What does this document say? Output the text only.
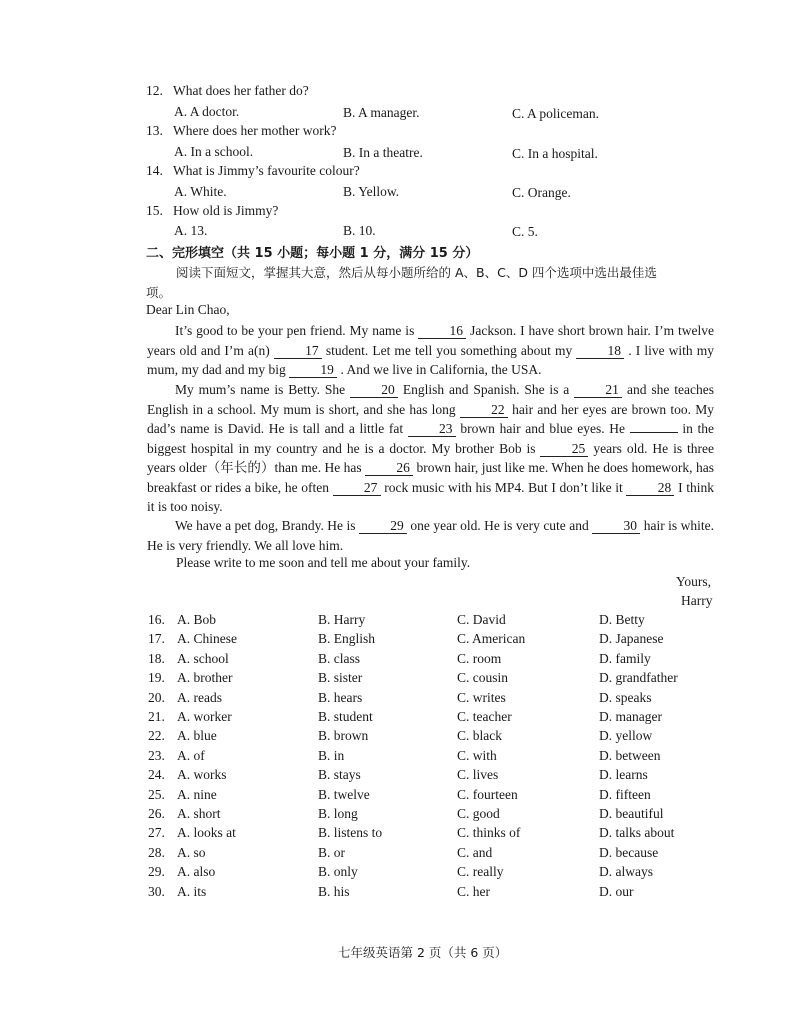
12. What does her father do?
A. A doctor.	B. A manager.	C. A policeman.
13. Where does her mother work?
A. In a school.	B. In a theatre.	C. In a hospital.
14. What is Jimmy’s favourite colour?
A. White.	B. Yellow.	C. Orange.
15. How old is Jimmy?
A. 13.	B. 10.	C. 5.
二、完形填空（共 15 小题；每小题 1 分，满分 15 分）
阅读下面短文，掌握其大意，然后从每小题所给的 A、B、C、D 四个选项中选出最佳选
项。
Dear Lin Chao,
It’s good to be your pen friend. My name is 16 Jackson. I have short brown hair. I’m twelve years old and I’m a(n) 17 student. Let me tell you something about my 18 . I live with my mum, my dad and my big 19 . And we live in California, the USA.
My mum’s name is Betty. She 20 English and Spanish. She is a 21 and she teaches English in a school. My mum is short, and she has long 22 hair and her eyes are brown too. My dad’s name is David. He is tall and a little fat 23 brown hair and blue eyes. He	in the biggest hospital in my country and he is a doctor. My brother Bob is 25 years old. He is three years older（年长的）than me. He has 26 brown hair, just like me. When he does homework, has breakfast or rides a bike, he often 27 rock music with his MP4. But I don’t like it 28 I think it is too noisy.
We have a pet dog, Brandy. He is 29 one year old. He is very cute and 30 hair is white. He is very friendly. We all love him.
Please write to me soon and tell me about your family.
Yours,
Harry
16. A. Bob	B. Harry	C. David	D. Betty
17. A. Chinese	B. English	C. American	D. Japanese
18. A. school	B. class	C. room	D. family
19. A. brother	B. sister	C. cousin	D. grandfather
20. A. reads	B. hears	C. writes	D. speaks
21. A. worker	B. student	C. teacher	D. manager
22. A. blue	B. brown	C. black	D. yellow
23. A. of	B. in	C. with	D. between
24. A. works	B. stays	C. lives	D. learns
25. A. nine	B. twelve	C. fourteen	D. fifteen
26. A. short	B. long	C. good	D. beautiful
27. A. looks at	B. listens to	C. thinks of	D. talks about
28. A. so	B. or	C. and	D. because
29. A. also	B. only	C. really	D. always
30. A. its	B. his	C. her	D. our
七年级英语第 2 页（共 6 页）
